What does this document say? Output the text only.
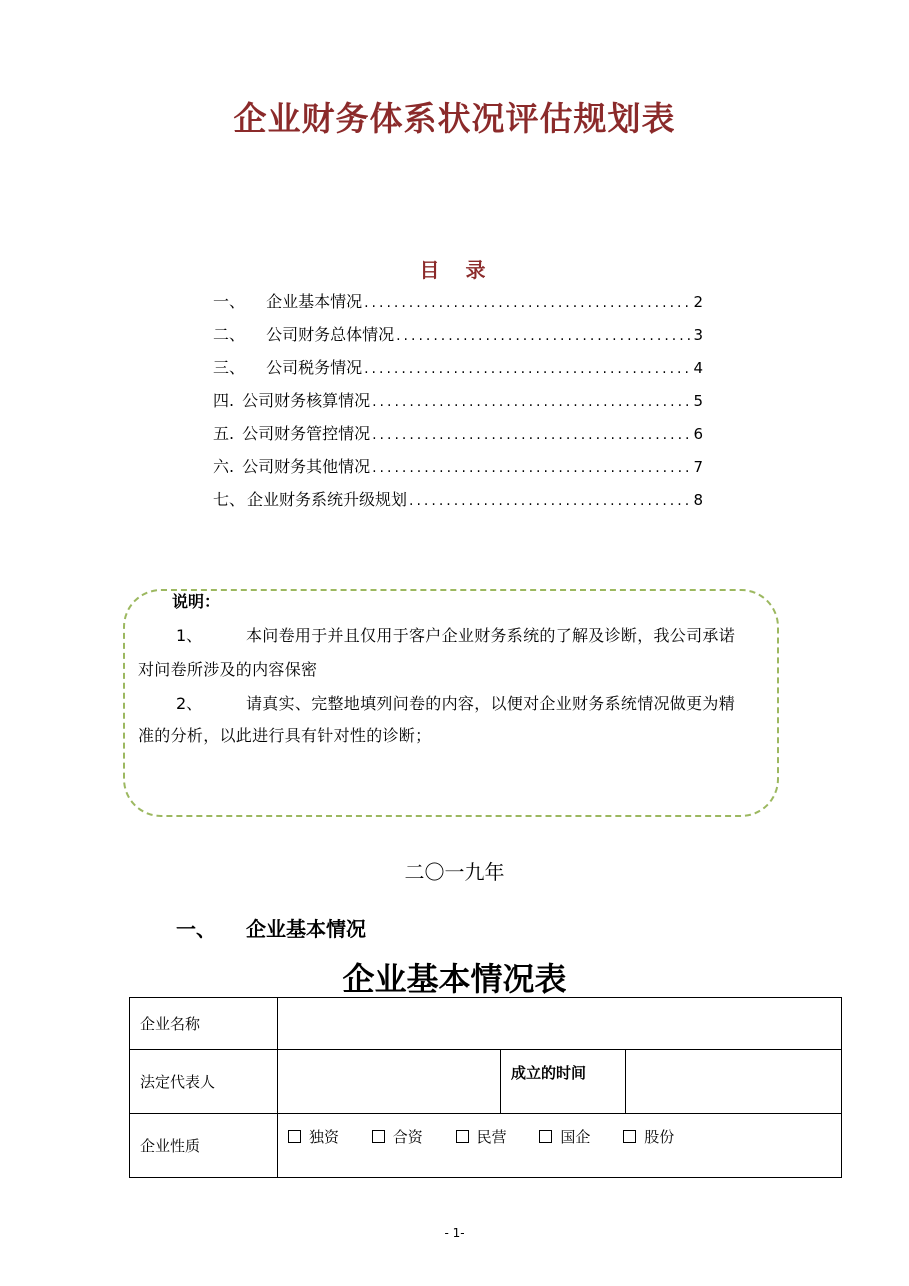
企业财务体系状况评估规划表
目  录
一、 企业基本情况 .....	2
二、 公司财务总体情况 .....	3
三、 公司税务情况 .....	4
四. 公司财务核算情况 .....	5
五. 公司财务管控情况 .....	6
六. 公司财务其他情况 .....	7
七、 企业财务系统升级规划 .....	8
说明：
1、	本问卷用于并且仅用于客户企业财务系统的了解及诊断，我公司承诺
对问卷所涉及的内容保密
2、	请真实、完整地填列问卷的内容，以便对企业财务系统情况做更为精
准的分析，以此进行具有针对性的诊断；
二〇一九年
一、 企业基本情况
企业基本情况表
企业名称			
法定代表人		成立的时间	
企业性质	独资 合资 民营 国企 股份		
- 1-
